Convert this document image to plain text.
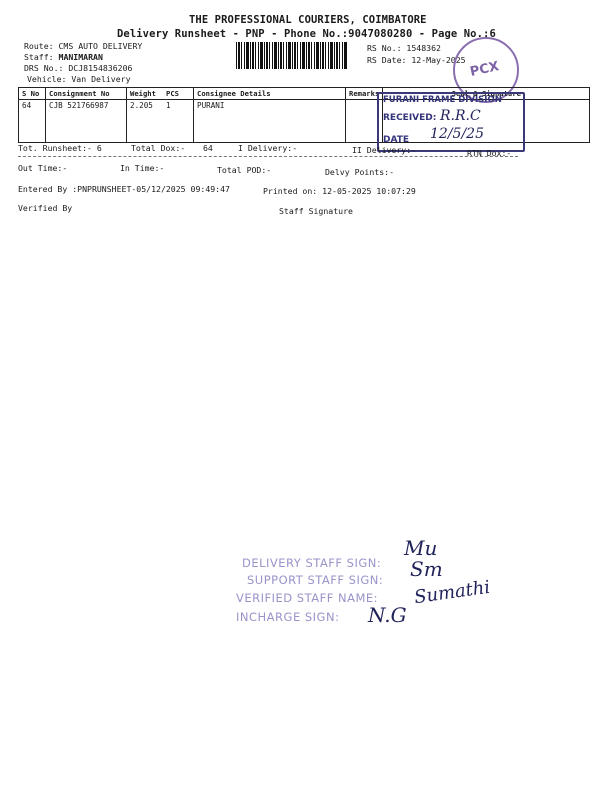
THE PROFESSIONAL COURIERS, COIMBATORE
Delivery Runsheet - PNP - Phone No.:9047080280 - Page No.:6
Route: CMS AUTO DELIVERY
Staff: MANIMARAN
DRS No.: DCJ8154836206
Vehicle: Van Delivery
RS No.: 1548362
RS Date: 12-May-2025 PCX
S No	Consignment No	Weight	PCS	Consignee Details	Remarks	Seal & Signature
64	CJB 521766987	2.205	1	PURANI		
FURANI FRAME DIVISION
RECEIVED: R.R.C
DATE 12/5/25
Tot. Runsheet:- 6	Total Dox:- 64	I Delivery:-	II Delivery:-	RTN Dox:-
Out Time:-	In Time:-	Total POD:-	Delvy Points:-
Entered By :PNPRUNSHEET-05/12/2025 09:49:47	Printed on: 12-05-2025 10:07:29
Verified By	Staff Signature
DELIVERY STAFF SIGN:
SUPPORT STAFF SIGN:
VERIFIED STAFF NAME:
INCHARGE SIGN:
Mu
Sm
Sumathi
N.G
